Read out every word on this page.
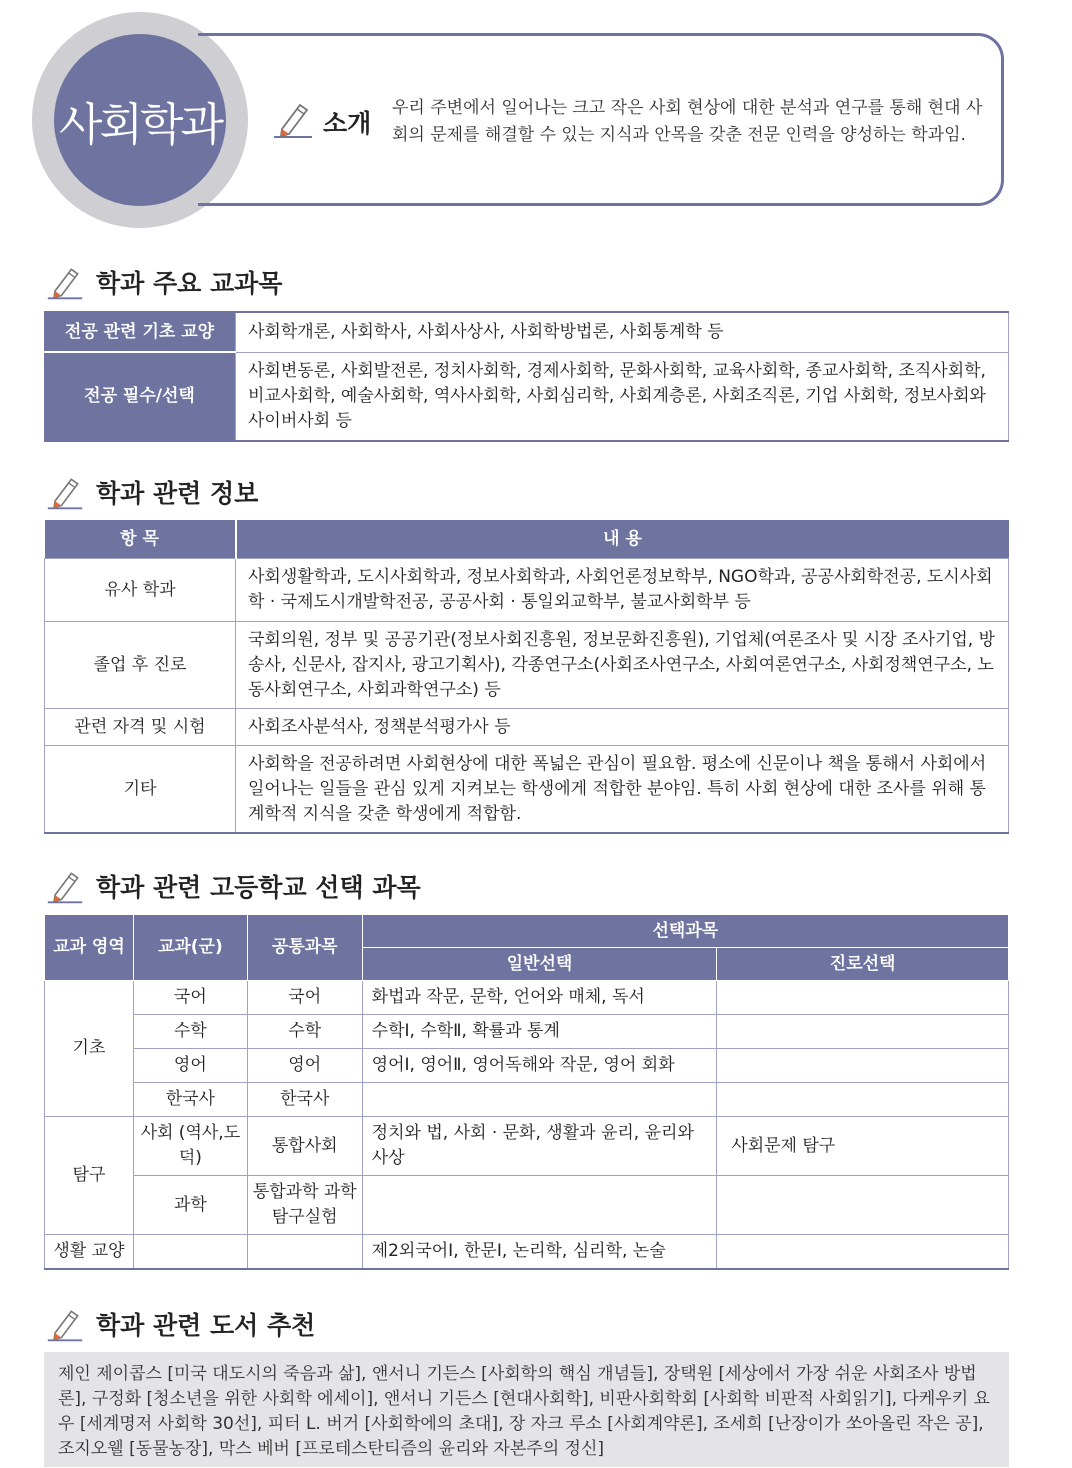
사회학과	소개
우리 주변에서 일어나는 크고 작은 사회 현상에 대한 분석과 연구를 통해 현대 사회의 문제를 해결할 수 있는 지식과 안목을 갖춘 전문 인력을 양성하는 학과임.
학과 주요 교과목
전공 관련 기초 교양	사회학개론, 사회학사, 사회사상사, 사회학방법론, 사회통계학 등
전공 필수/선택	사회변동론, 사회발전론, 정치사회학, 경제사회학, 문화사회학, 교육사회학, 종교사회학, 조직사회학, 비교사회학, 예술사회학, 역사사회학, 사회심리학, 사회계층론, 사회조직론, 기업 사회학, 정보사회와사이버사회 등
학과 관련 정보
항 목	내 용
유사 학과	사회생활학과, 도시사회학과, 정보사회학과, 사회언론정보학부, NGO학과, 공공사회학전공, 도시사회학 · 국제도시개발학전공, 공공사회 · 통일외교학부, 불교사회학부 등
졸업 후 진로	국회의원, 정부 및 공공기관(정보사회진흥원, 정보문화진흥원), 기업체(여론조사 및 시장 조사기업, 방송사, 신문사, 잡지사, 광고기획사), 각종연구소(사회조사연구소, 사회여론연구소, 사회정책연구소, 노동사회연구소, 사회과학연구소) 등
관련 자격 및 시험	사회조사분석사, 정책분석평가사 등
기타	사회학을 전공하려면 사회현상에 대한 폭넓은 관심이 필요함. 평소에 신문이나 책을 통해서 사회에서 일어나는 일들을 관심 있게 지켜보는 학생에게 적합한 분야임. 특히 사회 현상에 대한 조사를 위해 통계학적 지식을 갖춘 학생에게 적합함.
학과 관련 고등학교 선택 과목
교과 영역	교과(군)	공통과목	선택과목	
			일반선택	진로선택
기초	국어	국어	화법과 작문, 문학, 언어와 매체, 독서	
	수학	수학	수학Ⅰ, 수학Ⅱ, 확률과 통계	
	영어	영어	영어Ⅰ, 영어Ⅱ, 영어독해와 작문, 영어 회화	
	한국사	한국사		
탐구	사회 (역사,도덕)	통합사회	정치와 법, 사회 · 문화, 생활과 윤리, 윤리와 사상	사회문제 탐구
	과학	통합과학 과학탐구실험		
생활 교양			제2외국어Ⅰ, 한문Ⅰ, 논리학, 심리학, 논술	
학과 관련 도서 추천
제인 제이콥스 [미국 대도시의 죽음과 삶], 앤서니 기든스 [사회학의 핵심 개념들], 장택원 [세상에서 가장 쉬운 사회조사 방법론], 구정화 [청소년을 위한 사회학 에세이], 앤서니 기든스 [현대사회학], 비판사회학회 [사회학 비판적 사회읽기], 다케우키 요우 [세계명저 사회학 30선], 피터 L. 버거 [사회학에의 초대], 장 자크 루소 [사회계약론], 조세희 [난장이가 쏘아올린 작은 공], 조지오웰 [동물농장], 막스 베버 [프로테스탄티즘의 윤리와 자본주의 정신]
